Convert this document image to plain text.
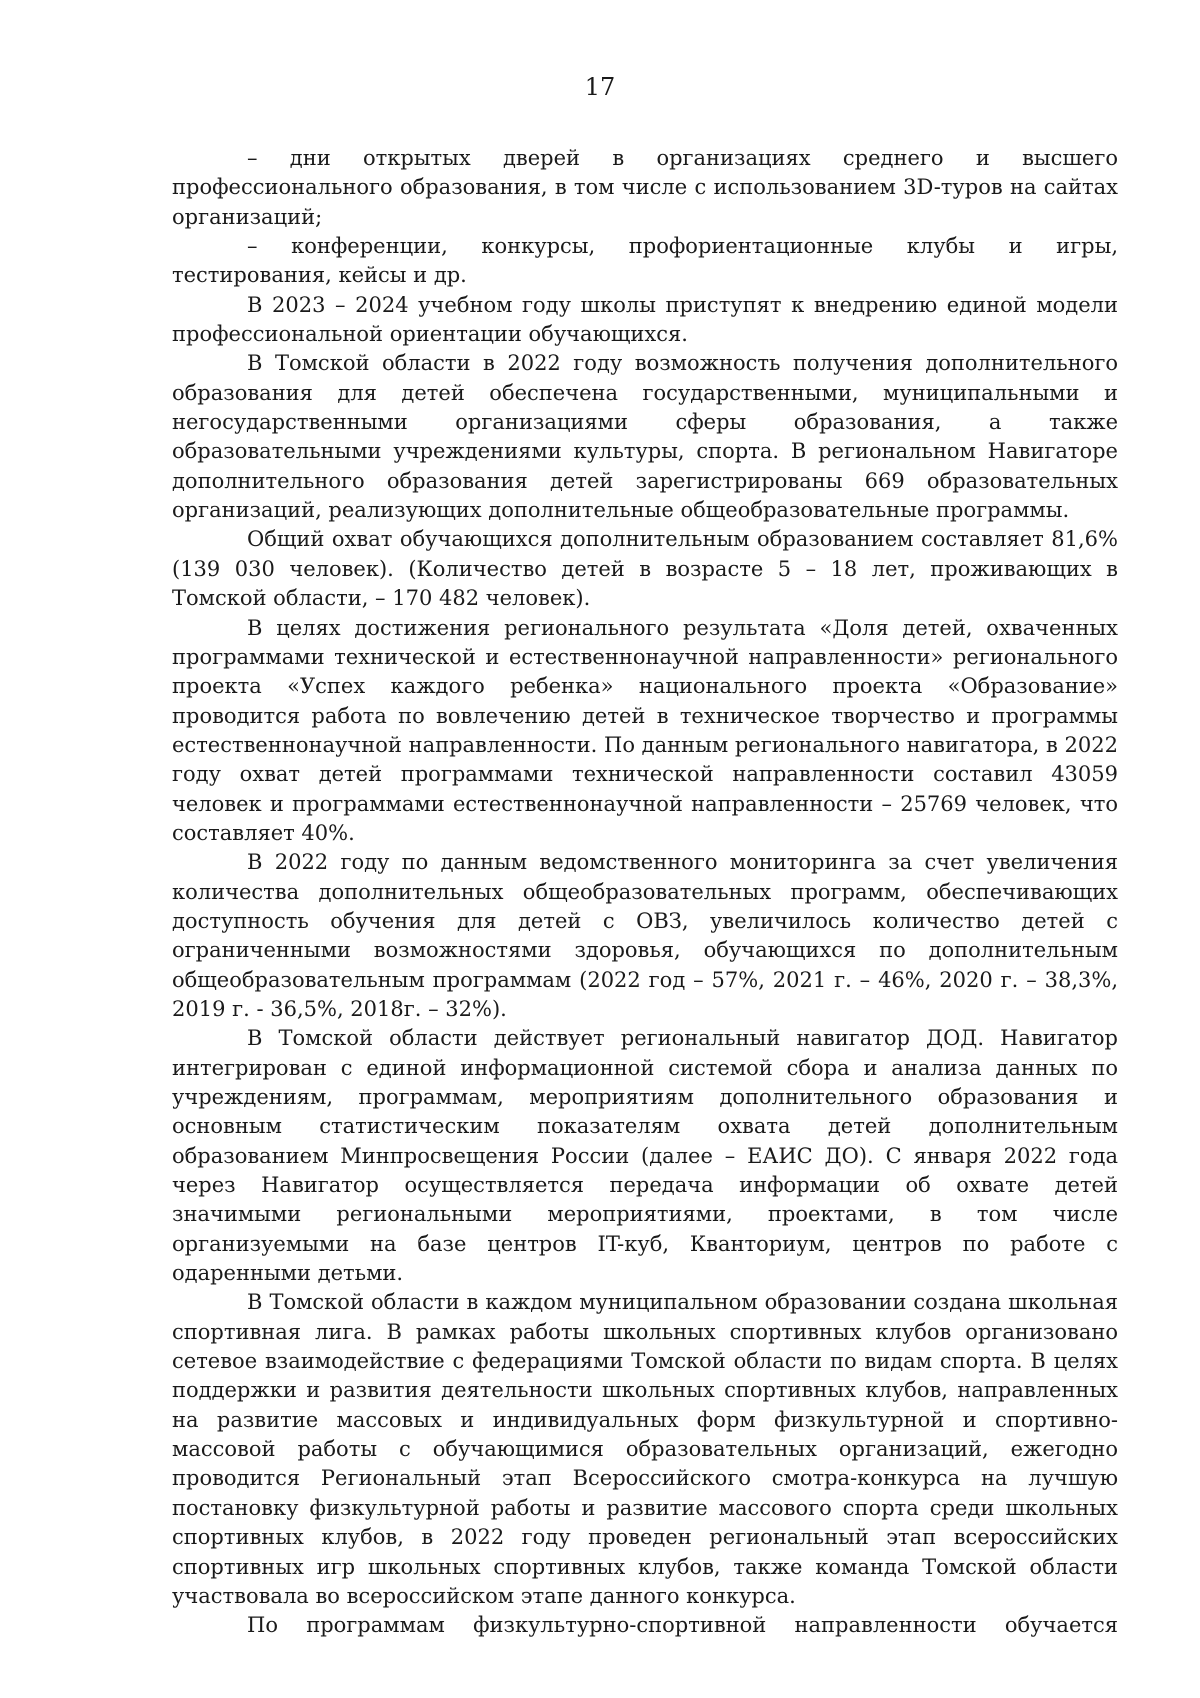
17

– дни открытых дверей в организациях среднего и высшего профессионального образования, в том числе с использованием 3D-туров на сайтах организаций;

– конференции, конкурсы, профориентационные клубы и игры, тестирования, кейсы и др.

В 2023 – 2024 учебном году школы приступят к внедрению единой модели профессиональной ориентации обучающихся.

В Томской области в 2022 году возможность получения дополнительного образования для детей обеспечена государственными, муниципальными и негосударственными организациями сферы образования, а также образовательными учреждениями культуры, спорта. В региональном Навигаторе дополнительного образования детей зарегистрированы 669 образовательных организаций, реализующих дополнительные общеобразовательные программы.

Общий охват обучающихся дополнительным образованием составляет 81,6% (139 030 человек). (Количество детей в возрасте 5 – 18 лет, проживающих в Томской области, – 170 482 человек).

В целях достижения регионального результата «Доля детей, охваченных программами технической и естественнонаучной направленности» регионального проекта «Успех каждого ребенка» национального проекта «Образование» проводится работа по вовлечению детей в техническое творчество и программы естественнонаучной направленности. По данным регионального навигатора, в 2022 году охват детей программами технической направленности составил 43059 человек и программами естественнонаучной направленности – 25769 человек, что составляет 40%.

В 2022 году по данным ведомственного мониторинга за счет увеличения количества дополнительных общеобразовательных программ, обеспечивающих доступность обучения для детей с ОВЗ, увеличилось количество детей с ограниченными возможностями здоровья, обучающихся по дополнительным общеобразовательным программам (2022 год – 57%, 2021 г. – 46%, 2020 г. – 38,3%, 2019 г. - 36,5%, 2018г. – 32%).

В Томской области действует региональный навигатор ДОД. Навигатор интегрирован с единой информационной системой сбора и анализа данных по учреждениям, программам, мероприятиям дополнительного образования и основным статистическим показателям охвата детей дополнительным образованием Минпросвещения России (далее – ЕАИС ДО). С января 2022 года через Навигатор осуществляется передача информации об охвате детей значимыми региональными мероприятиями, проектами, в том числе организуемыми на базе центров IT-куб, Кванториум, центров по работе с одаренными детьми.

В Томской области в каждом муниципальном образовании создана школьная спортивная лига. В рамках работы школьных спортивных клубов организовано сетевое взаимодействие с федерациями Томской области по видам спорта. В целях поддержки и развития деятельности школьных спортивных клубов, направленных на развитие массовых и индивидуальных форм физкультурной и спортивно-массовой работы с обучающимися образовательных организаций, ежегодно проводится Региональный этап Всероссийского смотра-конкурса на лучшую постановку физкультурной работы и развитие массового спорта среди школьных спортивных клубов, в 2022 году проведен региональный этап всероссийских спортивных игр школьных спортивных клубов, также команда Томской области участвовала во всероссийском этапе данного конкурса.

По программам физкультурно-спортивной направленности обучается
